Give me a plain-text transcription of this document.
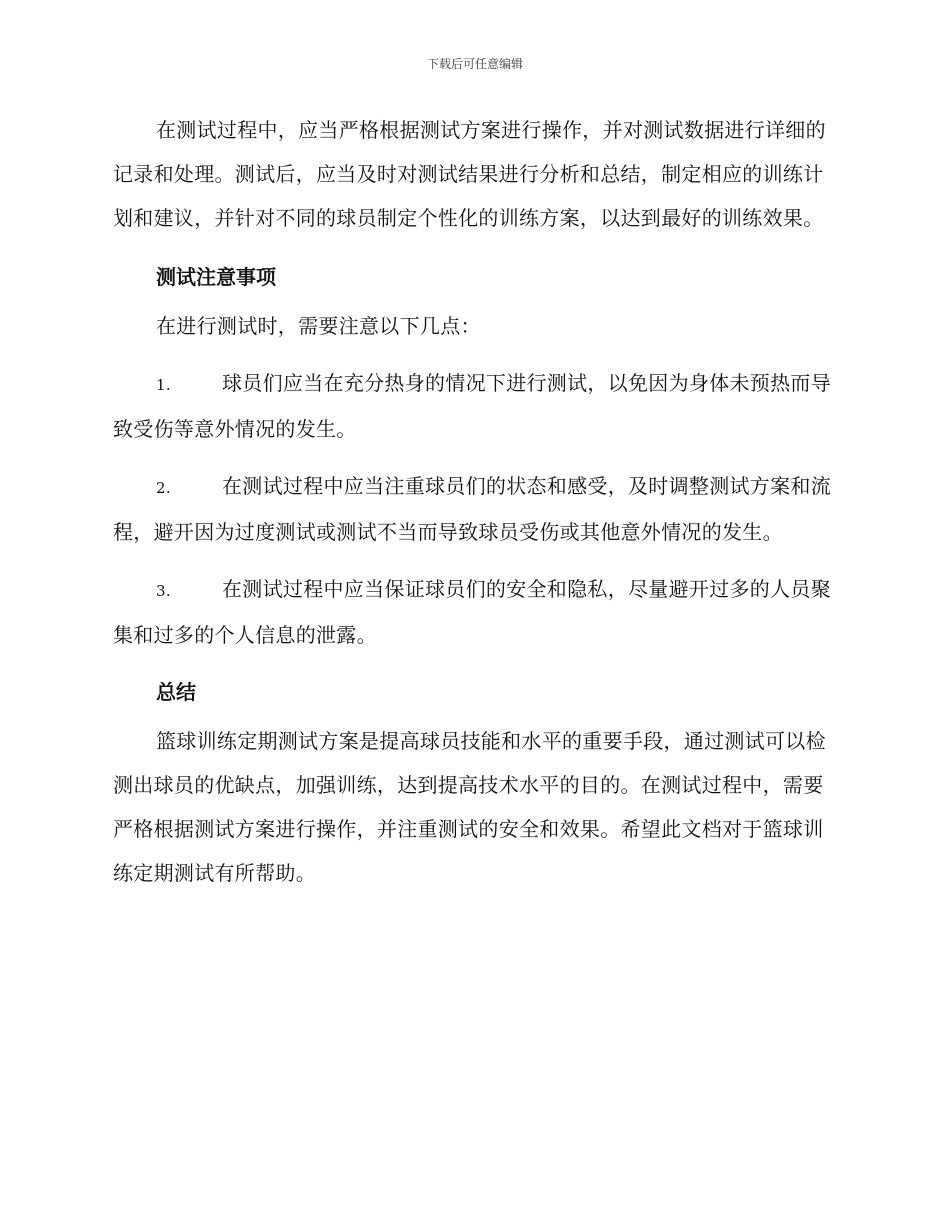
下载后可任意编辑

在测试过程中，应当严格根据测试方案进行操作，并对测试数据进行详细的记录和处理。测试后，应当及时对测试结果进行分析和总结，制定相应的训练计划和建议，并针对不同的球员制定个性化的训练方案，以达到最好的训练效果。

测试注意事项

在进行测试时，需要注意以下几点：

1.	球员们应当在充分热身的情况下进行测试，以免因为身体未预热而导致受伤等意外情况的发生。

2.	在测试过程中应当注重球员们的状态和感受，及时调整测试方案和流程，避开因为过度测试或测试不当而导致球员受伤或其他意外情况的发生。

3.	在测试过程中应当保证球员们的安全和隐私，尽量避开过多的人员聚集和过多的个人信息的泄露。

总结

篮球训练定期测试方案是提高球员技能和水平的重要手段，通过测试可以检测出球员的优缺点，加强训练，达到提高技术水平的目的。在测试过程中，需要严格根据测试方案进行操作，并注重测试的安全和效果。希望此文档对于篮球训练定期测试有所帮助。
